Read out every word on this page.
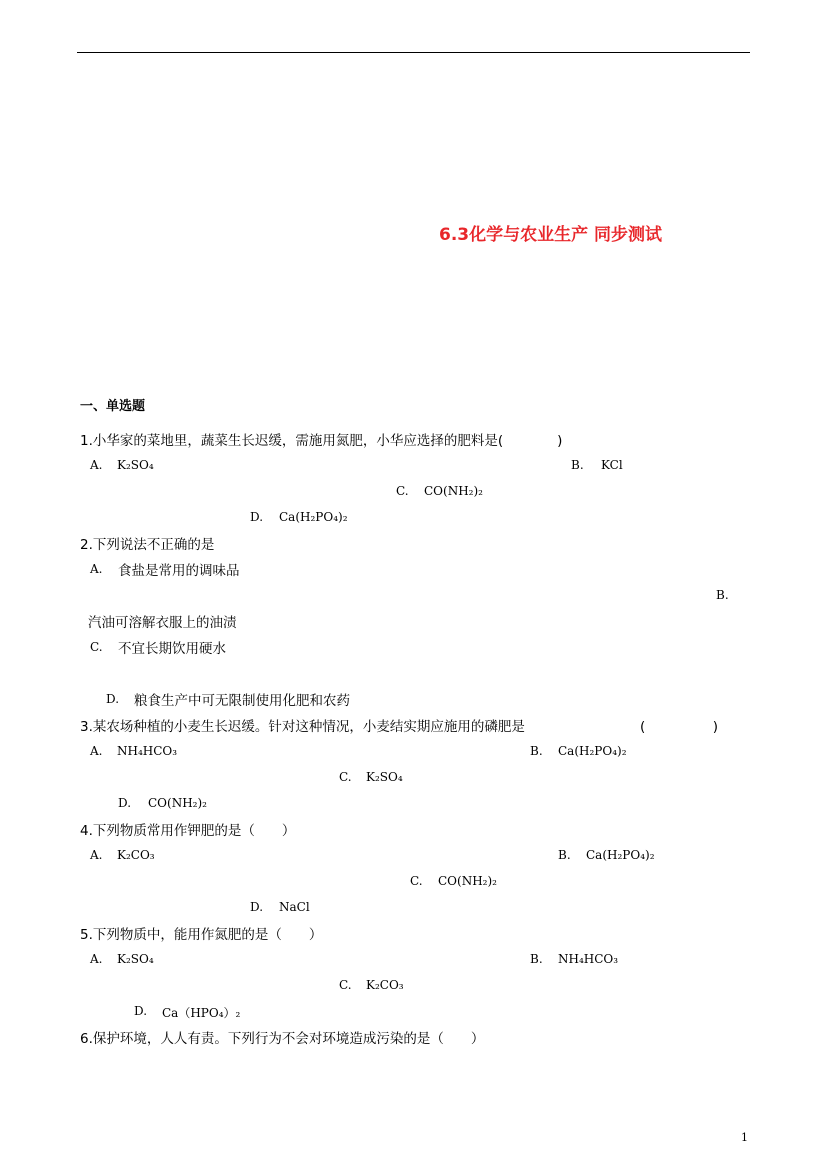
6.3化学与农业生产 同步测试
一、单选题
1.小华家的菜地里，蔬菜生长迟缓，需施用氮肥，小华应选择的肥料是(　　　　)
A. K₂SO₄	B. KCl
C. CO(NH₂)₂
D. Ca(H₂PO₄)₂
2.下列说法不正确的是
A. 食盐是常用的调味品
B.
汽油可溶解衣服上的油渍
C. 不宜长期饮用硬水
D. 粮食生产中可无限制使用化肥和农药
3.某农场种植的小麦生长迟缓。针对这种情况，小麦结实期应施用的磷肥是	(　　　　　)
A. NH₄HCO₃	B. Ca(H₂PO₄)₂
C. K₂SO₄
D. CO(NH₂)₂
4.下列物质常用作钾肥的是（　　）
A. K₂CO₃	B. Ca(H₂PO₄)₂
C. CO(NH₂)₂
D. NaCl
5.下列物质中，能用作氮肥的是（　　）
A. K₂SO₄	B. NH₄HCO₃
C. K₂CO₃
D. Ca（HPO₄）₂
6.保护环境，人人有责。下列行为不会对环境造成污染的是（　　）
1
